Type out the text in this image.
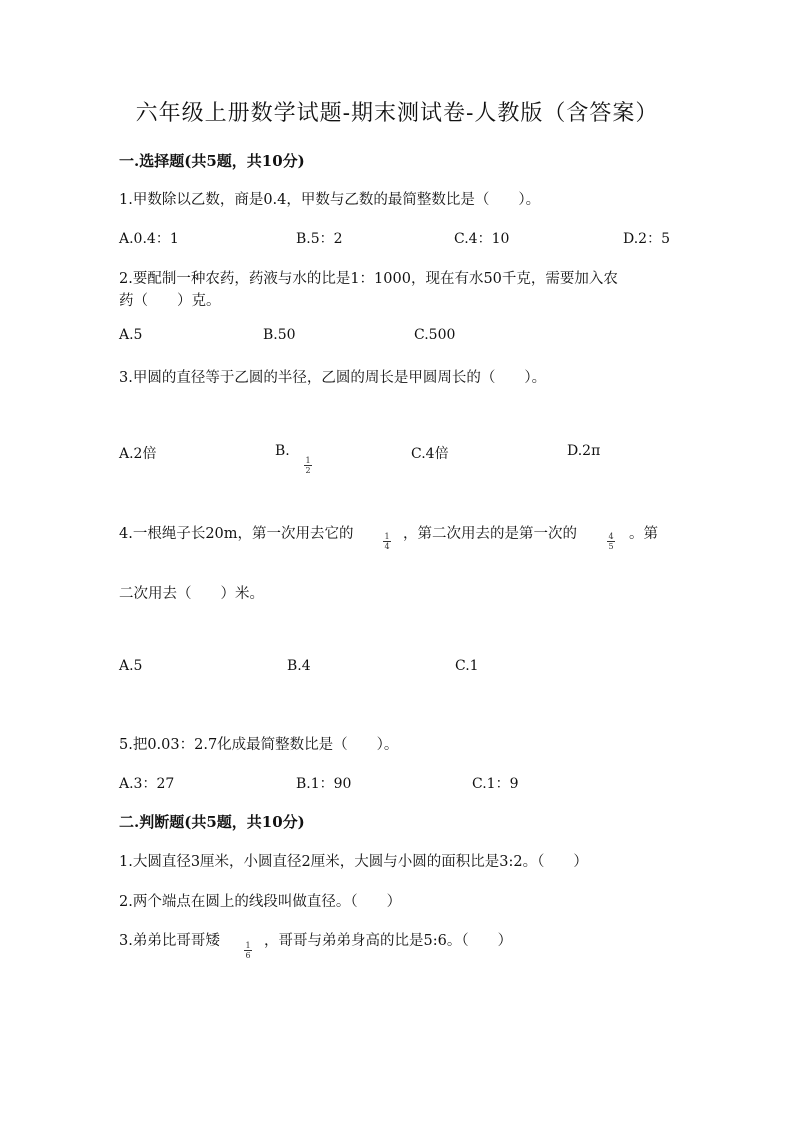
六年级上册数学试题-期末测试卷-人教版（含答案）
一.选择题(共5题，共10分)
1.甲数除以乙数，商是0.4，甲数与乙数的最简整数比是（　　）。
A.0.4：1	B.5：2	C.4：10	D.2：5
2.要配制一种农药，药液与水的比是1：1000，现在有水50千克，需要加入农
药（　　）克。
A.5	B.50	C.500
3.甲圆的直径等于乙圆的半径，乙圆的周长是甲圆周长的（　　）。
A.2倍	B.
1
2
C.4倍	D.2π
4.一根绳子长20m，第一次用去它的	1
4
，第二次用去的是第一次的	4
5
。第
二次用去（　　）米。
A.5	B.4	C.1
5.把0.03：2.7化成最简整数比是（　　）。
A.3：27	B.1：90	C.1：9
二.判断题(共5题，共10分)
1.大圆直径3厘米，小圆直径2厘米，大圆与小圆的面积比是3:2。（　　）
2.两个端点在圆上的线段叫做直径。（　　）
3.弟弟比哥哥矮	1
6
，哥哥与弟弟身高的比是5:6。（　　）
